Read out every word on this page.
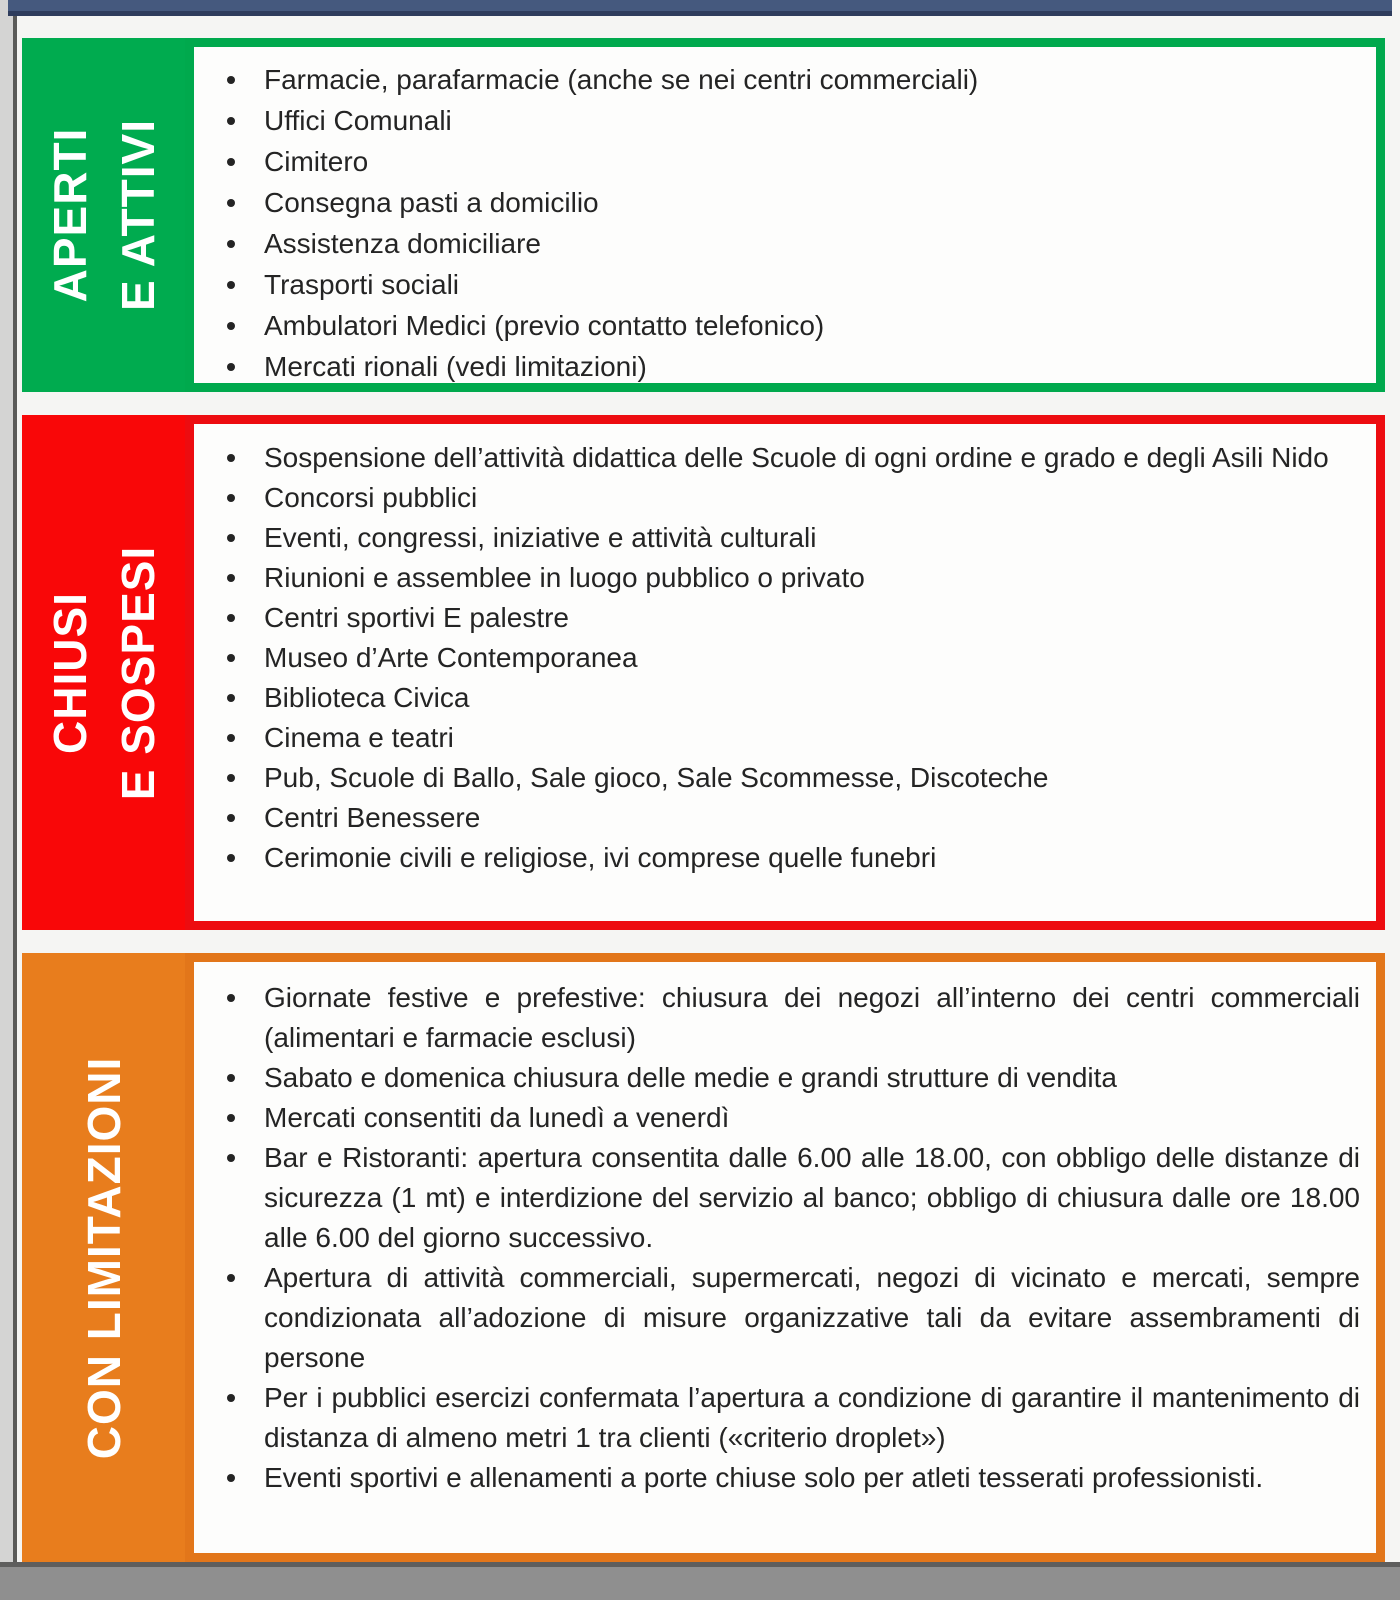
APERTI E ATTIVI
Farmacie, parafarmacie (anche se nei centri commerciali)
Uffici Comunali
Cimitero
Consegna pasti a domicilio
Assistenza domiciliare
Trasporti sociali
Ambulatori Medici (previo contatto telefonico)
Mercati rionali (vedi limitazioni)
CHIUSI E SOSPESI
Sospensione dell’attività didattica delle Scuole di ogni ordine e grado e degli Asili Nido
Concorsi pubblici
Eventi, congressi, iniziative e attività culturali
Riunioni e assemblee in luogo pubblico o privato
Centri sportivi E palestre
Museo d’Arte Contemporanea
Biblioteca Civica
Cinema e teatri
Pub, Scuole di Ballo, Sale gioco, Sale Scommesse, Discoteche
Centri Benessere
Cerimonie civili e religiose, ivi comprese quelle funebri
CON LIMITAZIONI
Giornate festive e prefestive: chiusura dei negozi all’interno dei centri commerciali (alimentari e farmacie esclusi)
Sabato e domenica chiusura delle medie e grandi strutture di vendita
Mercati consentiti da lunedì a venerdì
Bar e Ristoranti: apertura consentita dalle 6.00 alle 18.00, con obbligo delle distanze di sicurezza (1 mt) e interdizione del servizio al banco; obbligo di chiusura dalle ore 18.00 alle 6.00 del giorno successivo.
Apertura di attività commerciali, supermercati, negozi di vicinato e mercati, sempre condizionata all’adozione di misure organizzative tali da evitare assembramenti di persone
Per i pubblici esercizi confermata l’apertura a condizione di garantire il mantenimento di distanza di almeno metri 1 tra clienti («criterio droplet»)
Eventi sportivi e allenamenti a porte chiuse solo per atleti tesserati professionisti.
